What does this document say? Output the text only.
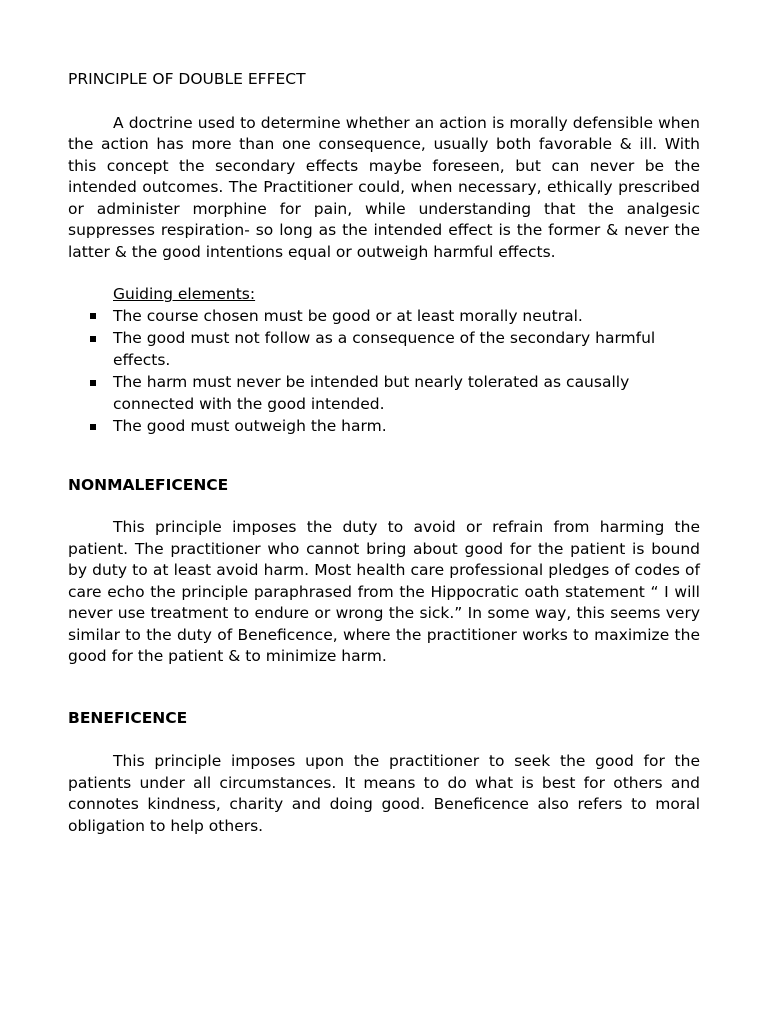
PRINCIPLE OF DOUBLE EFFECT

A doctrine used to determine whether an action is morally defensible when the action has more than one consequence, usually both favorable & ill. With this concept the secondary effects maybe foreseen, but can never be the intended outcomes. The Practitioner could, when necessary, ethically prescribed or administer morphine for pain, while understanding that the analgesic suppresses respiration- so long as the intended effect is the former & never the latter & the good intentions equal or outweigh harmful effects.

Guiding elements:

The course chosen must be good or at least morally neutral.
The good must not follow as a consequence of the secondary harmful effects.
The harm must never be intended but nearly tolerated as causally connected with the good intended.
The good must outweigh the harm.
NONMALEFICENCE

This principle imposes the duty to avoid or refrain from harming the patient. The practitioner who cannot bring about good for the patient is bound by duty to at least avoid harm. Most health care professional pledges of codes of care echo the principle paraphrased from the Hippocratic oath statement “ I will never use treatment to endure or wrong the sick.” In some way, this seems very similar to the duty of Beneficence, where the practitioner works to maximize the good for the patient & to minimize harm.

BENEFICENCE

This principle imposes upon the practitioner to seek the good for the patients under all circumstances. It means to do what is best for others and connotes kindness, charity and doing good. Beneficence also refers to moral obligation to help others.
